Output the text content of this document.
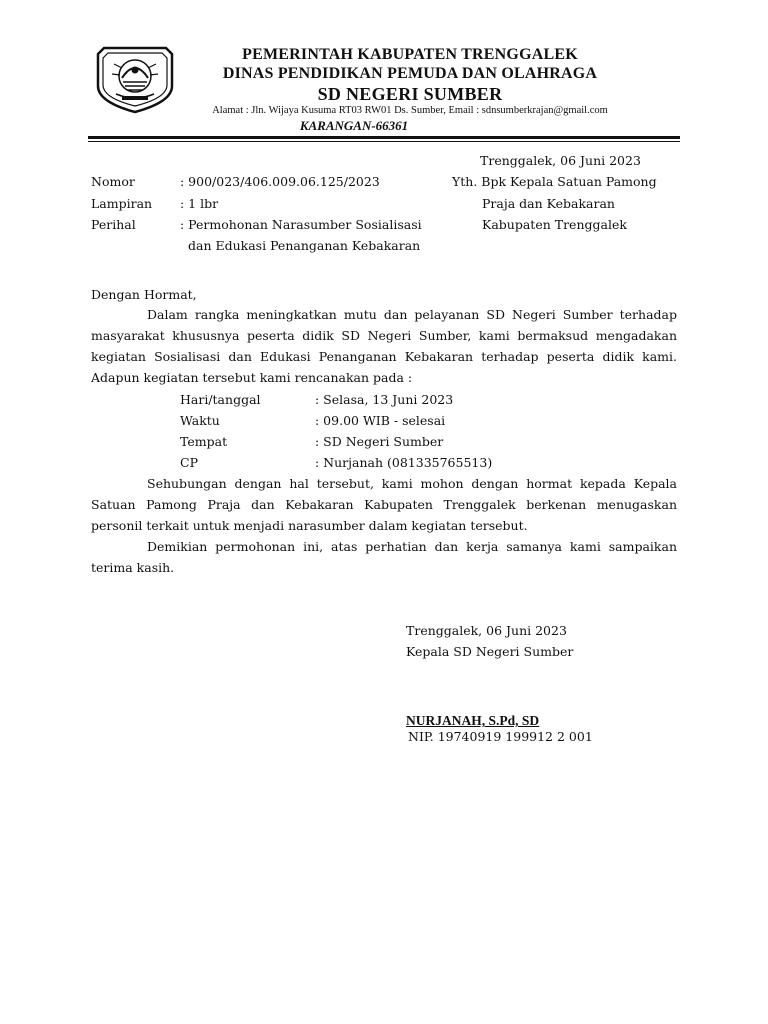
PEMERINTAH KABUPATEN TRENGGALEK
DINAS PENDIDIKAN PEMUDA DAN OLAHRAGA
SD NEGERI SUMBER
Alamat : Jln. Wijaya Kusuma RT03 RW01 Ds. Sumber, Email : sdnsumberkrajan@gmail.com
KARANGAN-66361
Trenggalek, 06 Juni 2023
Nomor	: 900/023/406.009.06.125/2023
Lampiran : 1 lbr
Perihal	: Permohonan Narasumber Sosialisasi
dan Edukasi Penanganan Kebakaran
Yth. Bpk Kepala Satuan Pamong
Praja dan Kebakaran
Kabupaten Trenggalek
Dengan Hormat,
Dalam rangka meningkatkan mutu dan pelayanan SD Negeri Sumber terhadap masyarakat khususnya peserta didik SD Negeri Sumber, kami bermaksud mengadakan kegiatan Sosialisasi dan Edukasi Penanganan Kebakaran terhadap peserta didik kami. Adapun kegiatan tersebut kami rencanakan pada :
Hari/tanggal	: Selasa, 13 Juni 2023
Waktu	: 09.00 WIB - selesai
Tempat	: SD Negeri Sumber
CP	: Nurjanah (081335765513)
Sehubungan dengan hal tersebut, kami mohon dengan hormat kepada Kepala Satuan Pamong Praja dan Kebakaran Kabupaten Trenggalek berkenan menugaskan personil terkait untuk menjadi narasumber dalam kegiatan tersebut.
Demikian permohonan ini, atas perhatian dan kerja samanya kami sampaikan terima kasih.
Trenggalek, 06 Juni 2023
Kepala SD Negeri Sumber
NURJANAH, S.Pd, SD
NIP. 19740919 199912 2 001
